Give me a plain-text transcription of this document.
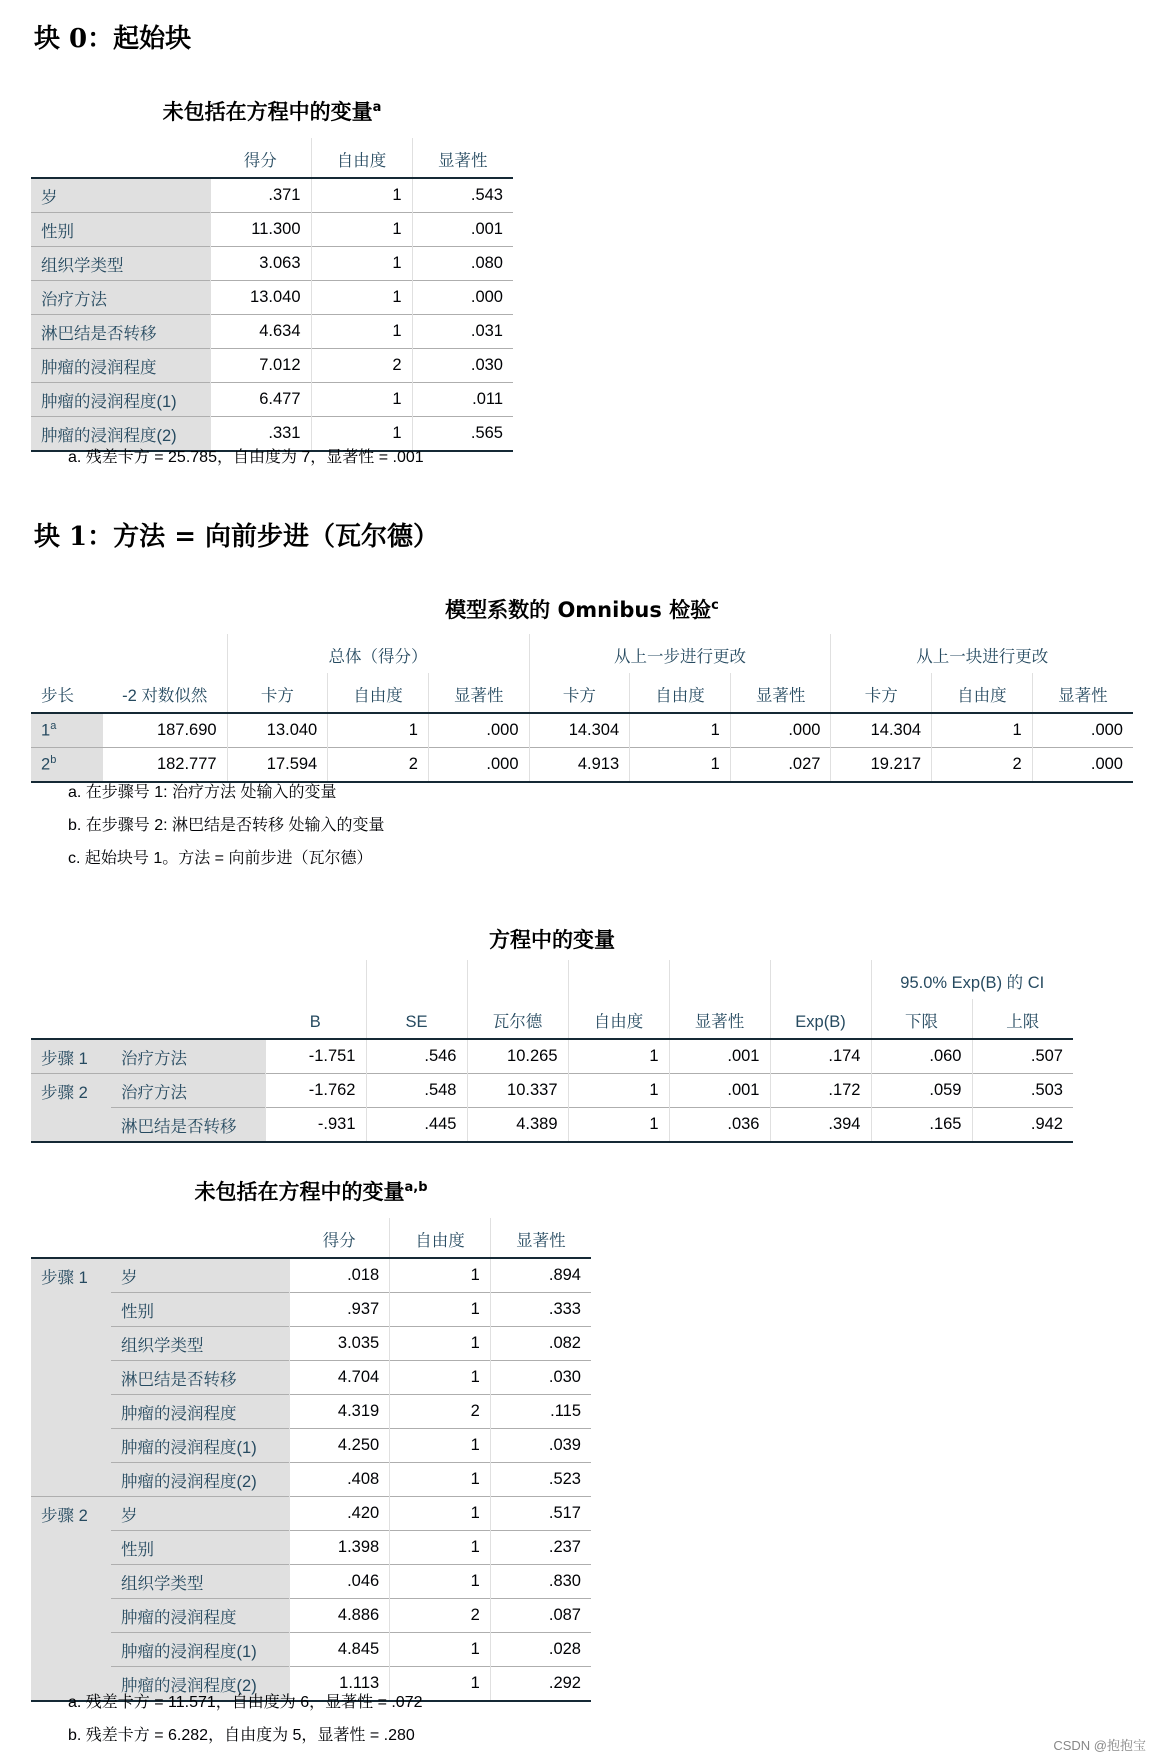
块 0：起始块
未包括在方程中的变量$^a$
	得分	自由度	显著性
岁	.371	1	.543
性别	11.300	1	.001
组织学类型	3.063	1	.080
治疗方法	13.040	1	.000
淋巴结是否转移	4.634	1	.031
肿瘤的浸润程度	7.012	2	.030
肿瘤的浸润程度(1)	6.477	1	.011
肿瘤的浸润程度(2)	.331	1	.565
a. 残差卡方 = 25.785，自由度为 7，显著性 = .001
块 1：方法 = 向前步进（瓦尔德）
模型系数的 Omnibus 检验$^c$
		总体（得分）			从上一步进行更改			从上一块进行更改		
步长	-2 对数似然	卡方	自由度	显著性	卡方	自由度	显著性	卡方	自由度	显著性
1$^a$	187.690	13.040	1	.000	14.304	1	.000	14.304	1	.000
2$^b$	182.777	17.594	2	.000	4.913	1	.027	19.217	2	.000
a. 在步骤号 1: 治疗方法 处输入的变量
b. 在步骤号 2: 淋巴结是否转移 处输入的变量
c. 起始块号 1。方法 = 向前步进（瓦尔德）
方程中的变量
								95.0% Exp(B) 的 CI	
		B	SE	瓦尔德	自由度	显著性	Exp(B)	下限	上限
步骤 1	治疗方法	-1.751	.546	10.265	1	.001	.174	.060	.507
步骤 2	治疗方法	-1.762	.548	10.337	1	.001	.172	.059	.503
	淋巴结是否转移	-.931	.445	4.389	1	.036	.394	.165	.942
未包括在方程中的变量$^{a,b}$
		得分	自由度	显著性
步骤 1	岁	.018	1	.894
	性别	.937	1	.333
	组织学类型	3.035	1	.082
	淋巴结是否转移	4.704	1	.030
	肿瘤的浸润程度	4.319	2	.115
	肿瘤的浸润程度(1)	4.250	1	.039
	肿瘤的浸润程度(2)	.408	1	.523
步骤 2	岁	.420	1	.517
	性别	1.398	1	.237
	组织学类型	.046	1	.830
	肿瘤的浸润程度	4.886	2	.087
	肿瘤的浸润程度(1)	4.845	1	.028
	肿瘤的浸润程度(2)	1.113	1	.292
a. 残差卡方 = 11.571，自由度为 6，显著性 = .072
b. 残差卡方 = 6.282，自由度为 5，显著性 = .280
CSDN @抱抱宝
